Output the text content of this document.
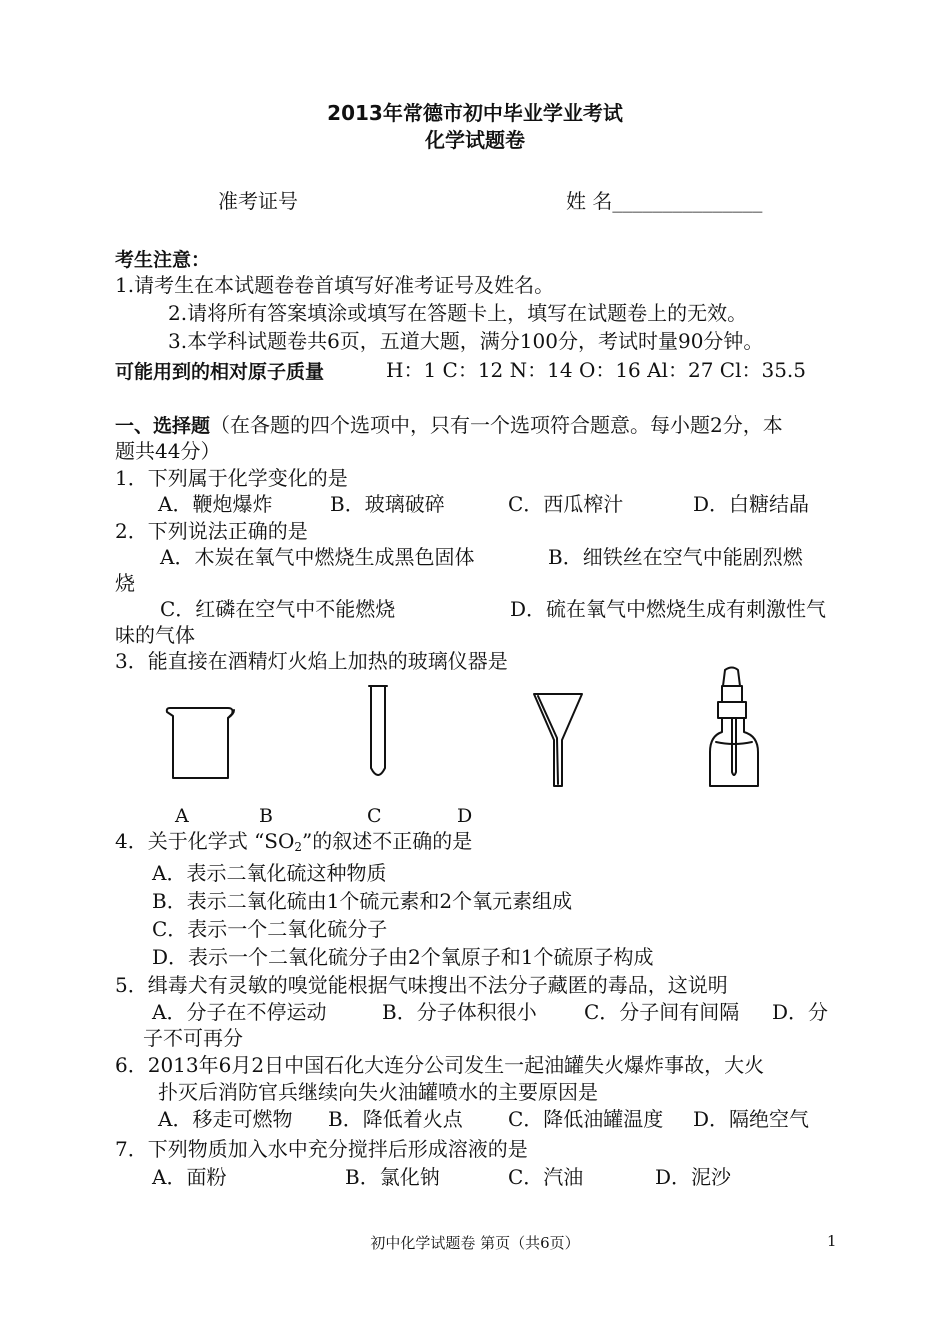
2013年常德市初中毕业学业考试
化学试题卷
准考证号	姓 名_______________
考生注意：
1.请考生在本试题卷卷首填写好准考证号及姓名。
2.请将所有答案填涂或填写在答题卡上，填写在试题卷上的无效。
3.本学科试题卷共6页，五道大题，满分100分，考试时量90分钟。
可能用到的相对原子质量	H：1 C：12 N：14 O：16 Al：27 Cl：35.5
一、选择题（在各题的四个选项中，只有一个选项符合题意。每小题2分，本
题共44分）
1．下列属于化学变化的是
A．鞭炮爆炸	B．玻璃破碎	C．西瓜榨汁	D．白糖结晶
2．下列说法正确的是
A．木炭在氧气中燃烧生成黑色固体	B．细铁丝在空气中能剧烈燃
烧
C．红磷在空气中不能燃烧	D．硫在氧气中燃烧生成有刺激性气
味的气体
3．能直接在酒精灯火焰上加热的玻璃仪器是
A	B	C	D
4．关于化学式 “$SO_2$”的叙述不正确的是
A．表示二氧化硫这种物质
B．表示二氧化硫由1个硫元素和2个氧元素组成
C．表示一个二氧化硫分子
D．表示一个二氧化硫分子由2个氧原子和1个硫原子构成
5．缉毒犬有灵敏的嗅觉能根据气味搜出不法分子藏匿的毒品，这说明
A．分子在不停运动	B．分子体积很小 C．分子间有间隔 D．分
子不可再分
6．2013年6月2日中国石化大连分公司发生一起油罐失火爆炸事故，大火
扑灭后消防官兵继续向失火油罐喷水的主要原因是
A．移走可燃物 B．降低着火点 C．降低油罐温度 D．隔绝空气
7．下列物质加入水中充分搅拌后形成溶液的是
A．面粉	B．氯化钠	C．汽油	D．泥沙
初中化学试题卷 第页（共6页）	1
